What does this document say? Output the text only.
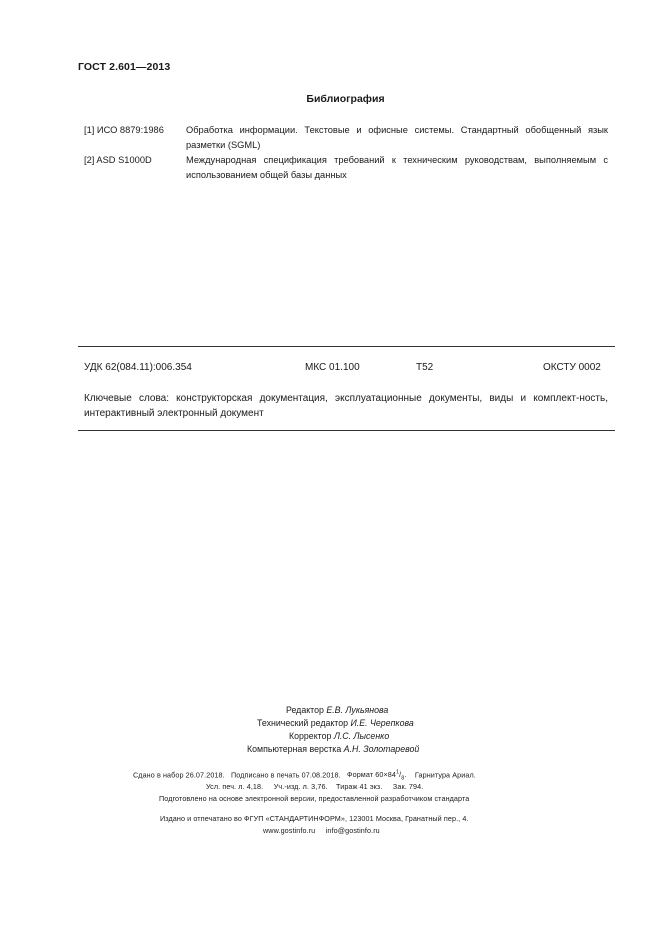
ГОСТ 2.601—2013
Библиография
[1] ИСО 8879:1986	Обработка информации. Текстовые и офисные системы. Стандартный обобщенный язык разметки (SGML)
[2] ASD S1000D	Международная спецификация требований к техническим руководствам, выполняемым с использованием общей базы данных
УДК 62(084.11):006.354	МКС 01.100	Т52	ОКСТУ 0002
Ключевые слова: конструкторская документация, эксплуатационные документы, виды и комплект-ность, интерактивный электронный документ
Редактор Е.В. Лукьянова
Технический редактор И.Е. Черепкова
Корректор Л.С. Лысенко
Компьютерная верстка А.Н. Золотаревой
Сдано в набор 26.07.2018. Подписано в печать 07.08.2018. Формат $60\times 84^1/_8$. Гарнитура Ариал.
Усл. печ. л. 4,18. Уч.-изд. л. 3,76. Тираж 41 экз. Зак. 794.
Подготовлено на основе электронной версии, предоставленной разработчиком стандарта
Издано и отпечатано во ФГУП «СТАНДАРТИНФОРМ», 123001 Москва, Гранатный пер., 4.
www.gostinfo.ru info@gostinfo.ru
